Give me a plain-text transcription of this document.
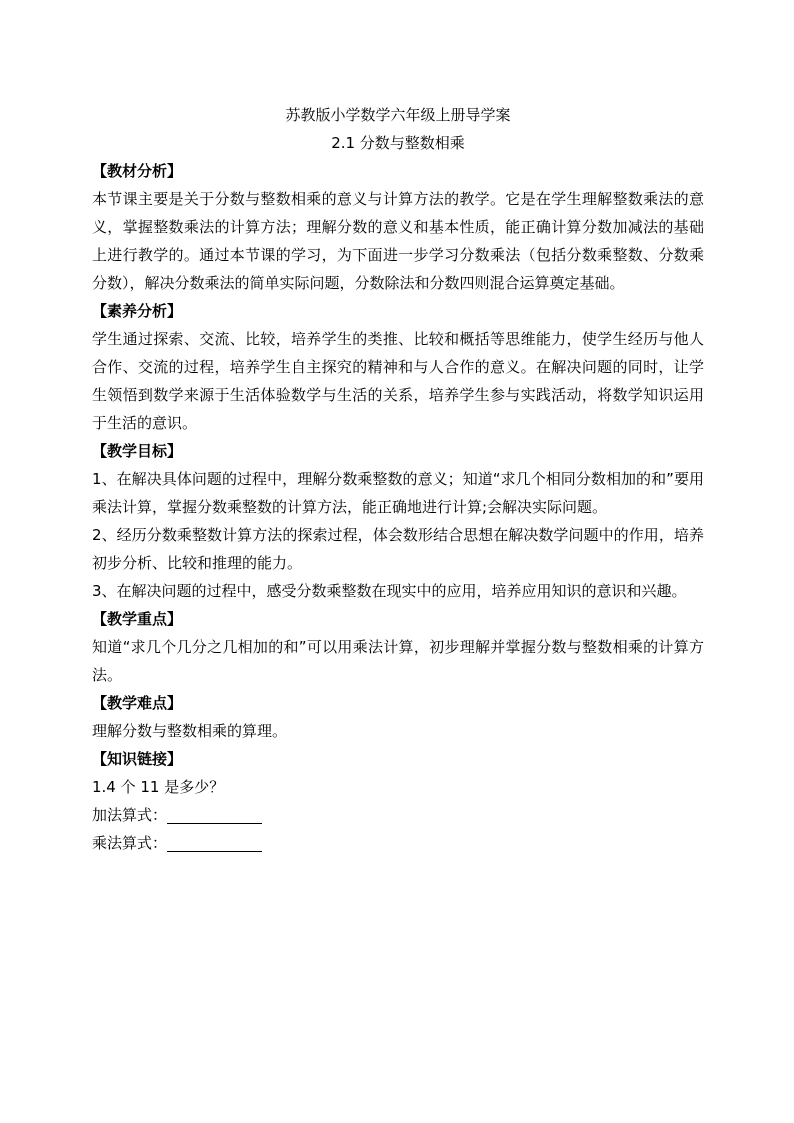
苏教版小学数学六年级上册导学案

2.1 分数与整数相乘

【教材分析】

本节课主要是关于分数与整数相乘的意义与计算方法的教学。它是在学生理解整数乘法的意义，掌握整数乘法的计算方法；理解分数的意义和基本性质，能正确计算分数加减法的基础上进行教学的。通过本节课的学习，为下面进一步学习分数乘法（包括分数乘整数、分数乘分数），解决分数乘法的简单实际问题，分数除法和分数四则混合运算奠定基础。

【素养分析】

学生通过探索、交流、比较，培养学生的类推、比较和概括等思维能力，使学生经历与他人合作、交流的过程，培养学生自主探究的精神和与人合作的意义。在解决问题的同时，让学生领悟到数学来源于生活体验数学与生活的关系，培养学生参与实践活动，将数学知识运用于生活的意识。

【教学目标】

1、在解决具体问题的过程中，理解分数乘整数的意义；知道“求几个相同分数相加的和”要用乘法计算，掌握分数乘整数的计算方法，能正确地进行计算;会解决实际问题。

2、经历分数乘整数计算方法的探索过程，体会数形结合思想在解决数学问题中的作用，培养初步分析、比较和推理的能力。

3、在解决问题的过程中，感受分数乘整数在现实中的应用，培养应用知识的意识和兴趣。

【教学重点】

知道“求几个几分之几相加的和”可以用乘法计算，初步理解并掌握分数与整数相乘的计算方法。

【教学难点】

理解分数与整数相乘的算理。

【知识链接】

1.4 个 11 是多少？

加法算式：
乘法算式：
